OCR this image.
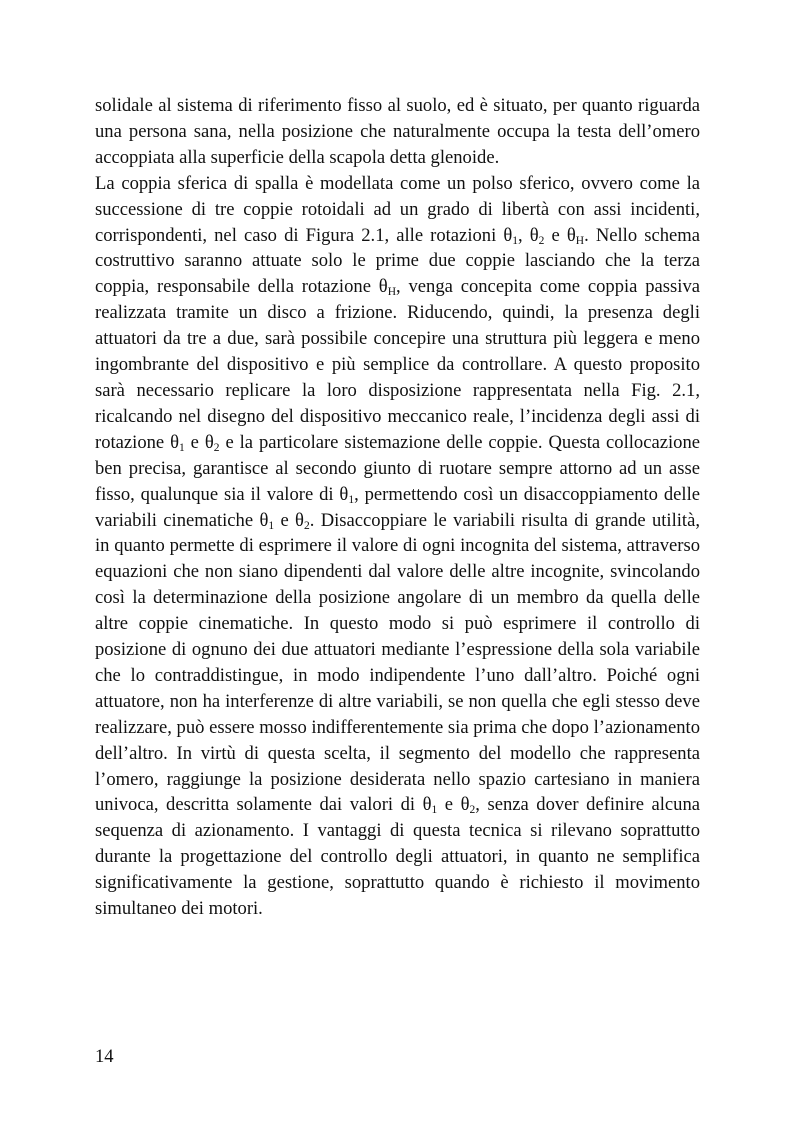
solidale al sistema di riferimento fisso al suolo, ed è situato, per quanto riguarda una persona sana, nella posizione che naturalmente occupa la testa dell’omero accoppiata alla superficie della scapola detta glenoide.

La coppia sferica di spalla è modellata come un polso sferico, ovvero come la successione di tre coppie rotoidali ad un grado di libertà con assi incidenti, corrispondenti, nel caso di Figura 2.1, alle rotazioni $\theta_1$, $\theta_2$ e $\theta_H$. Nello schema costruttivo saranno attuate solo le prime due coppie lasciando che la terza coppia, responsabile della rotazione $\theta_H$, venga concepita come coppia passiva realizzata tramite un disco a frizione. Riducendo, quindi, la presenza degli attuatori da tre a due, sarà possibile concepire una struttura più leggera e meno ingombrante del dispositivo e più semplice da controllare. A questo proposito sarà necessario replicare la loro disposizione rappresentata nella Fig. 2.1, ricalcando nel disegno del dispositivo meccanico reale, l’incidenza degli assi di rotazione $\theta_1$ e $\theta_2$ e la particolare sistemazione delle coppie. Questa collocazione ben precisa, garantisce al secondo giunto di ruotare sempre attorno ad un asse fisso, qualunque sia il valore di $\theta_1$, permettendo così un disaccoppiamento delle variabili cinematiche $\theta_1$ e $\theta_2$. Disaccoppiare le variabili risulta di grande utilità, in quanto permette di esprimere il valore di ogni incognita del sistema, attraverso equazioni che non siano dipendenti dal valore delle altre incognite, svincolando così la determinazione della posizione angolare di un membro da quella delle altre coppie cinematiche. In questo modo si può esprimere il controllo di posizione di ognuno dei due attuatori mediante l’espressione della sola variabile che lo contraddistingue, in modo indipendente l’uno dall’altro. Poiché ogni attuatore, non ha interferenze di altre variabili, se non quella che egli stesso deve realizzare, può essere mosso indifferentemente sia prima che dopo l’azionamento dell’altro. In virtù di questa scelta, il segmento del modello che rappresenta l’omero, raggiunge la posizione desiderata nello spazio cartesiano in maniera univoca, descritta solamente dai valori di $\theta_1$ e $\theta_2$, senza dover definire alcuna sequenza di azionamento. I vantaggi di questa tecnica si rilevano soprattutto durante la progettazione del controllo degli attuatori, in quanto ne semplifica significativamente la gestione, soprattutto quando è richiesto il movimento simultaneo dei motori.

14
